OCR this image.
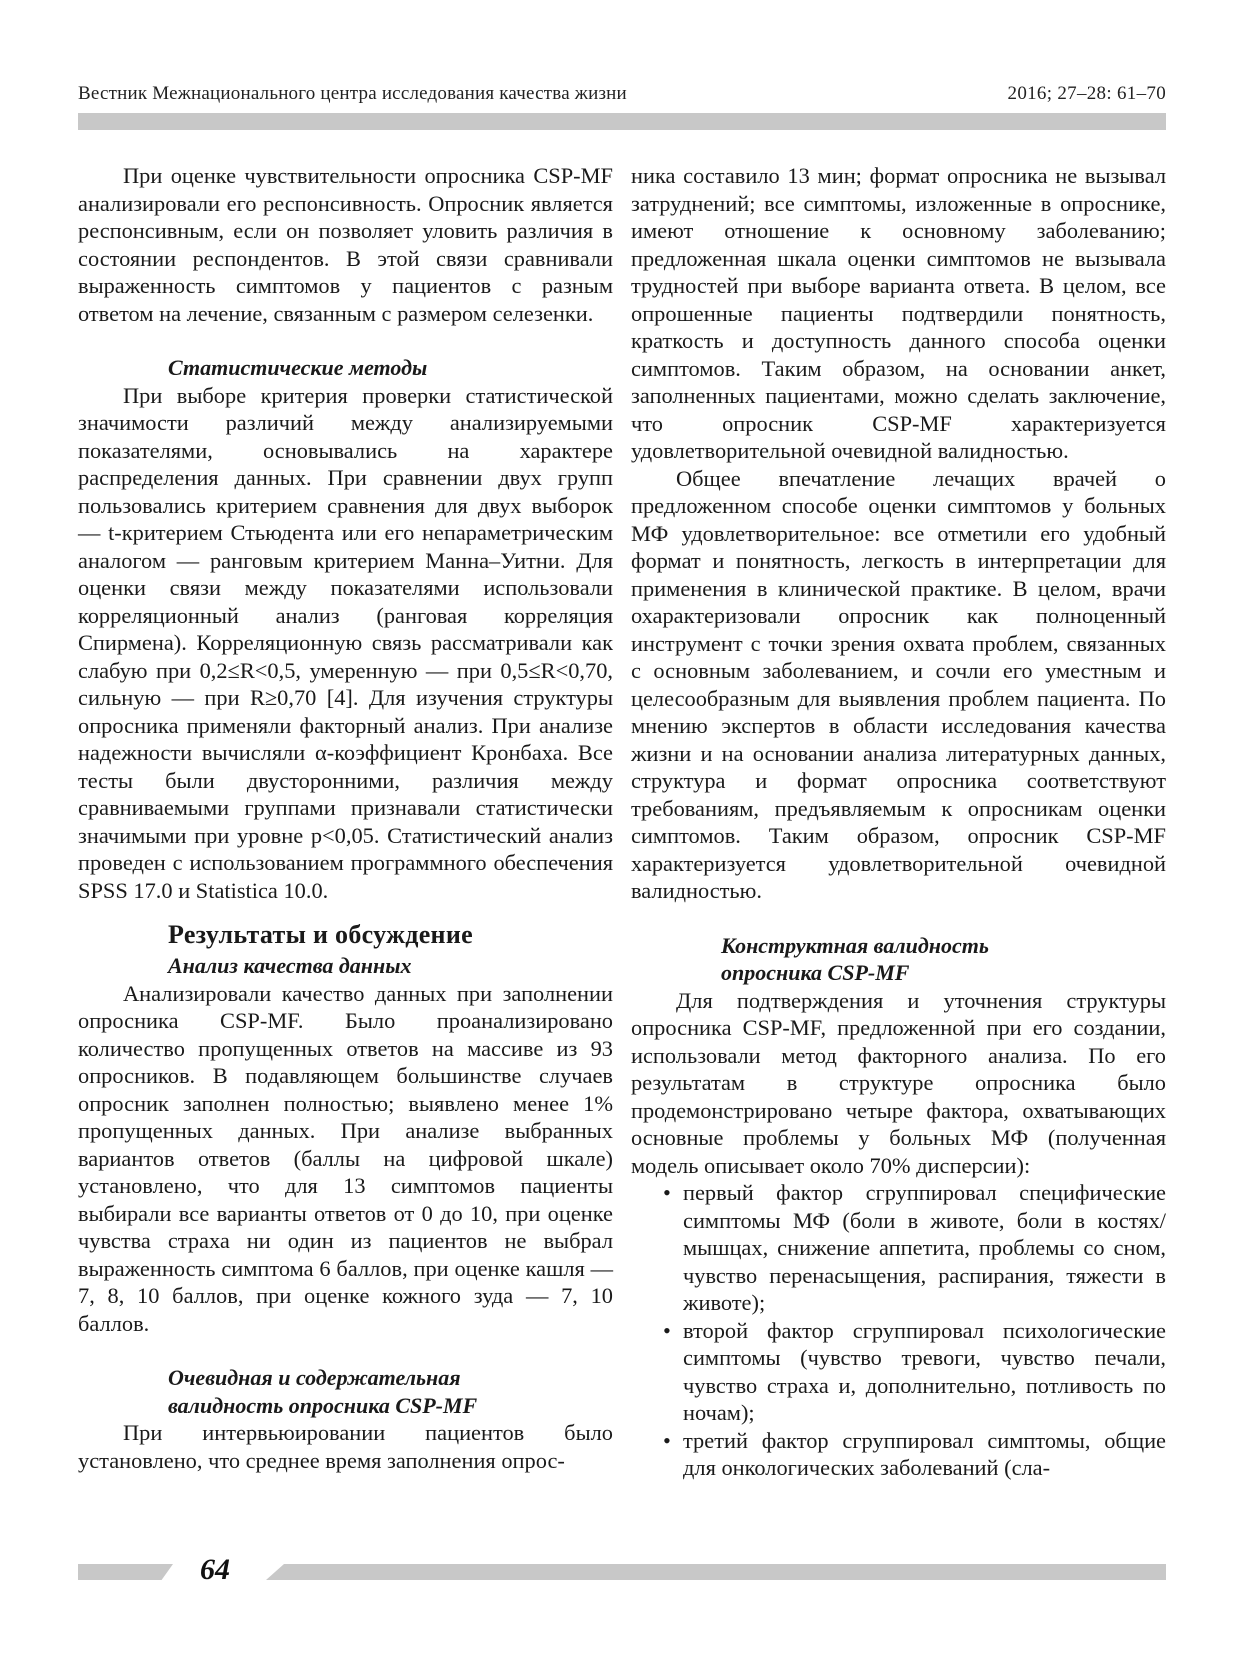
Вестник Межнационального центра исследования качества жизни	2016; 27–28: 61–70

При оценке чувствительности опросника CSP-MF анализировали его респонсивность. Опросник является респонсивным, если он позволяет уловить различия в состоянии респондентов. В этой связи сравнивали выраженность симптомов у пациентов с разным ответом на лечение, связанным с размером селезенки.

Статистические методы

При выборе критерия проверки статистической значимости различий между анализируемыми показателями, основывались на характере распределения данных. При сравнении двух групп пользовались критерием сравнения для двух выборок — t-критерием Стьюдента или его непараметрическим аналогом — ранговым критерием Манна–Уитни. Для оценки связи между показателями использовали корреляционный анализ (ранговая корреляция Спирмена). Корреляционную связь рассматривали как слабую при 0,2≤R<0,5, умеренную — при 0,5≤R<0,70, сильную — при R≥0,70 [4]. Для изучения структуры опросника применяли факторный анализ. При анализе надежности вычисляли α-коэффициент Кронбаха. Все тесты были двусторонними, различия между сравниваемыми группами признавали статистически значимыми при уровне p<0,05. Статистический анализ проведен с использованием программного обеспечения SPSS 17.0 и Statistica 10.0.

Результаты и обсуждение

Анализ качества данных

Анализировали качество данных при заполнении опросника CSP-MF. Было проанализировано количество пропущенных ответов на массиве из 93 опросников. В подавляющем большинстве случаев опросник заполнен полностью; выявлено менее 1% пропущенных данных. При анализе выбранных вариантов ответов (баллы на цифровой шкале) установлено, что для 13 симптомов пациенты выбирали все варианты ответов от 0 до 10, при оценке чувства страха ни один из пациентов не выбрал выраженность симптома 6 баллов, при оценке кашля — 7, 8, 10 баллов, при оценке кожного зуда — 7, 10 баллов.

Очевидная и содержательная

валидность опросника CSP-MF

При интервьюировании пациентов было установлено, что среднее время заполнения опрос-

ника составило 13 мин; формат опросника не вызывал затруднений; все симптомы, изложенные в опроснике, имеют отношение к основному заболеванию; предложенная шкала оценки симптомов не вызывала трудностей при выборе варианта ответа. В целом, все опрошенные пациенты подтвердили понятность, краткость и доступность данного способа оценки симптомов. Таким образом, на основании анкет, заполненных пациентами, можно сделать заключение, что опросник CSP-MF характеризуется удовлетворительной очевидной валидностью.

Общее впечатление лечащих врачей о предложенном способе оценки симптомов у больных МФ удовлетворительное: все отметили его удобный формат и понятность, легкость в интерпретации для применения в клинической практике. В целом, врачи охарактеризовали опросник как полноценный инструмент с точки зрения охвата проблем, связанных с основным заболеванием, и сочли его уместным и целесообразным для выявления проблем пациента. По мнению экспертов в области исследования качества жизни и на основании анализа литературных данных, структура и формат опросника соответствуют требованиям, предъявляемым к опросникам оценки симптомов. Таким образом, опросник CSP-MF характеризуется удовлетворительной очевидной валидностью.

Конструктная валидность

опросника CSP-MF

Для подтверждения и уточнения структуры опросника CSP-MF, предложенной при его создании, использовали метод факторного анализа. По его результатам в структуре опросника было продемонстрировано четыре фактора, охватывающих основные проблемы у больных МФ (полученная модель описывает около 70% дисперсии):

• первый фактор сгруппировал специфические симптомы МФ (боли в животе, боли в костях/мышцах, снижение аппетита, проблемы со сном, чувство перенасыщения, распирания, тяжести в животе);
• второй фактор сгруппировал психологические симптомы (чувство тревоги, чувство печали, чувство страха и, дополнительно, потливость по ночам);
• третий фактор сгруппировал симптомы, общие для онкологических заболеваний (сла-
64
